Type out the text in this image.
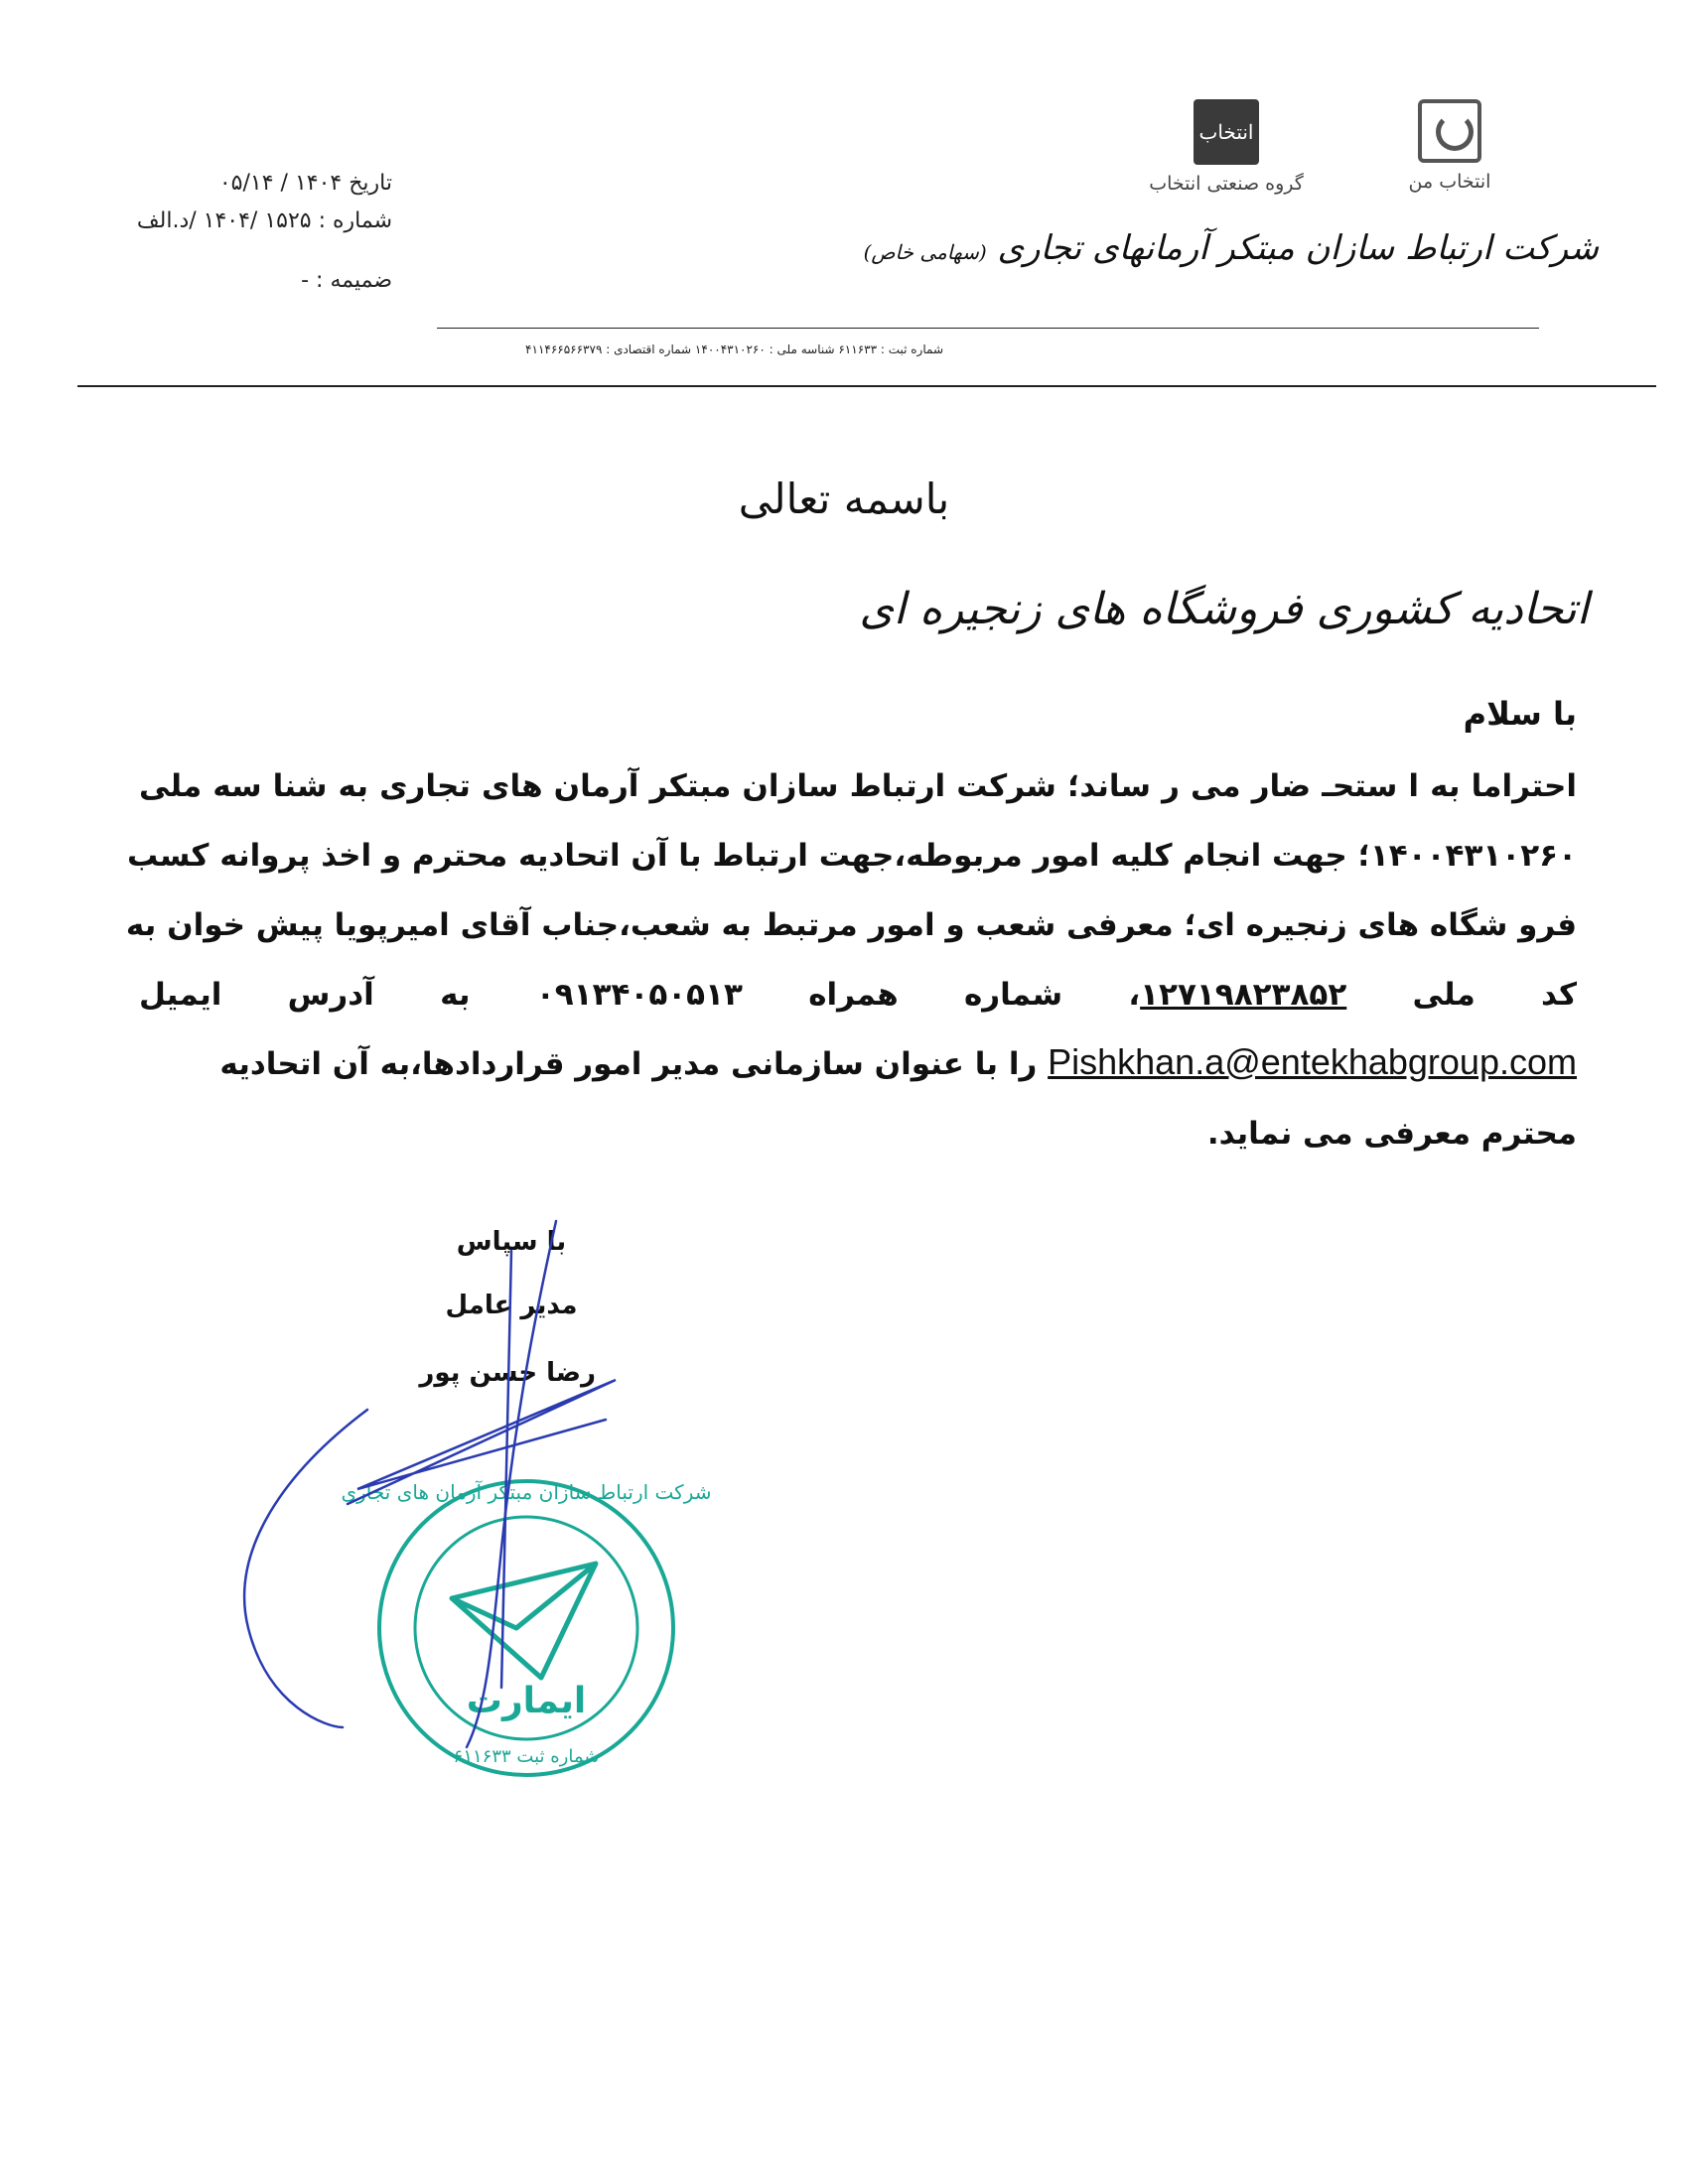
انتخاب من
انتخاب
گروه صنعتی انتخاب
شرکت ارتباط سازان مبتکر آرمانهای تجاری (سهامی خاص)
تاریخ ۱۴۰۴ / ۰۵/۱۴
شماره : ۱۵۲۵ /۱۴۰۴ /د.الف
ضمیمه : -
شماره ثبت : ۶۱۱۶۳۳ شناسه ملی : ۱۴۰۰۴۳۱۰۲۶۰ شماره اقتصادی : ۴۱۱۴۶۶۵۶۶۳۷۹
باسمه تعالی
اتحادیه کشوری فروشگاه های زنجیره ای
با سلام
احتراما به ا ستحـ ضار می ر ساند؛ شرکت ارتباط سازان مبتکر آرمان های تجاری به شنا سه ملی
۱۴۰۰۴۳۱۰۲۶۰؛ جهت انجام کلیه امور مربوطه،جهت ارتباط با آن اتحادیه محترم و اخذ پروانه کسب
فرو شگاه های زنجیره ای؛ معرفی شعب و امور مرتبط به شعب،جناب آقای امیرپویا پیش خوان به
کد ملی ۱۲۷۱۹۸۲۳۸۵۲، شماره همراه ۰۹۱۳۴۰۵۰۵۱۳ به آدرس ایمیل
Pishkhan.a@entekhabgroup.com را با عنوان سازمانی مدیر امور قراردادها،به آن اتحادیه
محترم معرفی می نماید.
با سپاس
مدیر عامل
رضا حسن پور
ایمارت
شرکت ارتباط سازان مبتکر آرمان های تجاری
شماره ثبت ۶۱۱۶۳۳
